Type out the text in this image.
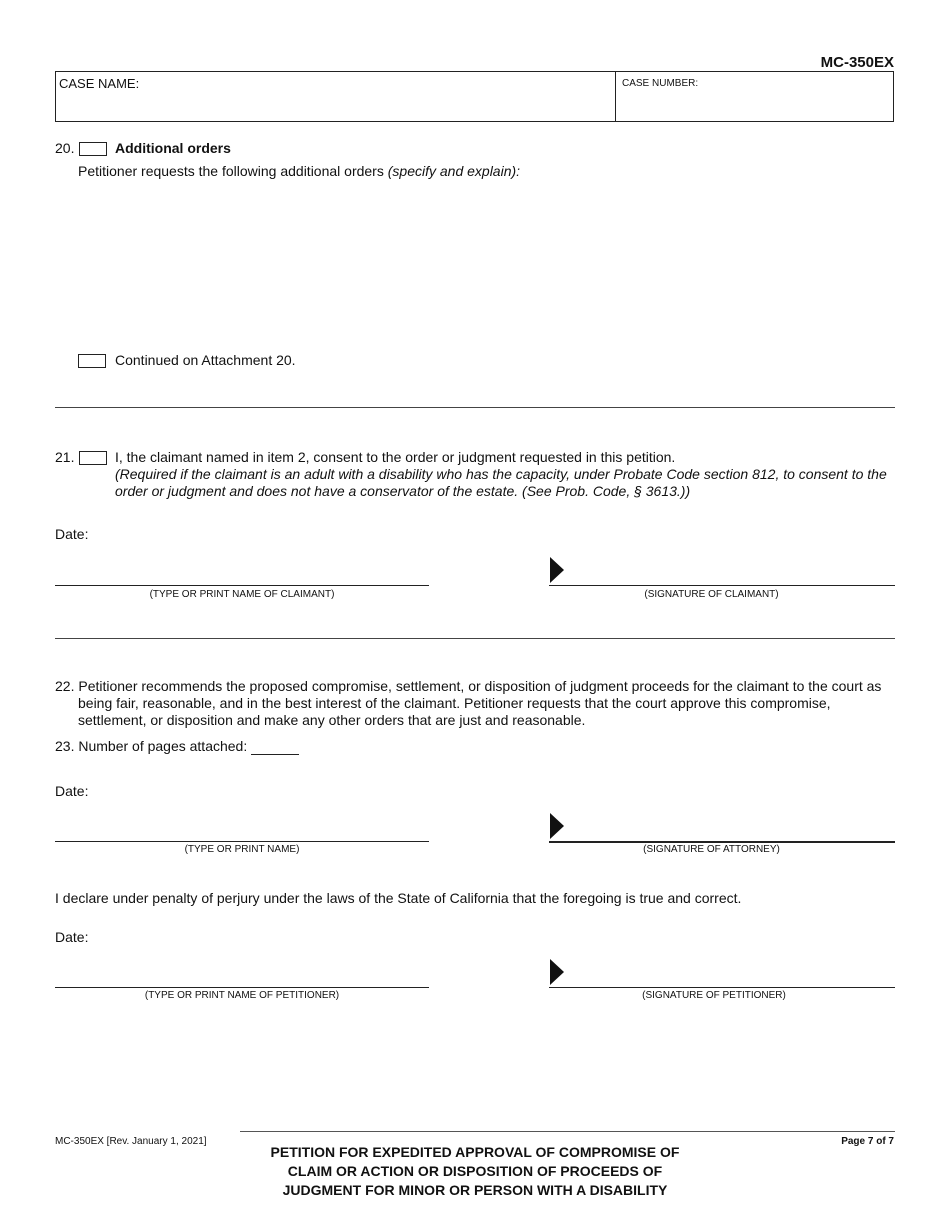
MC-350EX
CASE NAME:	CASE NUMBER:
20.	Additional orders
Petitioner requests the following additional orders (specify and explain):
Continued on Attachment 20.
21.	I, the claimant named in item 2, consent to the order or judgment requested in this petition.
(Required if the claimant is an adult with a disability who has the capacity, under Probate Code section 812, to consent to the
order or judgment and does not have a conservator of the estate. (See Prob. Code, § 3613.))
Date:
(TYPE OR PRINT NAME OF CLAIMANT)	(SIGNATURE OF CLAIMANT)
22. Petitioner recommends the proposed compromise, settlement, or disposition of judgment proceeds for the claimant to the court as
being fair, reasonable, and in the best interest of the claimant. Petitioner requests that the court approve this compromise,
settlement, or disposition and make any other orders that are just and reasonable.
23. Number of pages attached:
Date:
(TYPE OR PRINT NAME)	(SIGNATURE OF ATTORNEY)
I declare under penalty of perjury under the laws of the State of California that the foregoing is true and correct.
Date:
(TYPE OR PRINT NAME OF PETITIONER)	(SIGNATURE OF PETITIONER)
MC-350EX [Rev. January 1, 2021]
PETITION FOR EXPEDITED APPROVAL OF COMPROMISE OF
CLAIM OR ACTION OR DISPOSITION OF PROCEEDS OF
JUDGMENT FOR MINOR OR PERSON WITH A DISABILITY
Page 7 of 7
